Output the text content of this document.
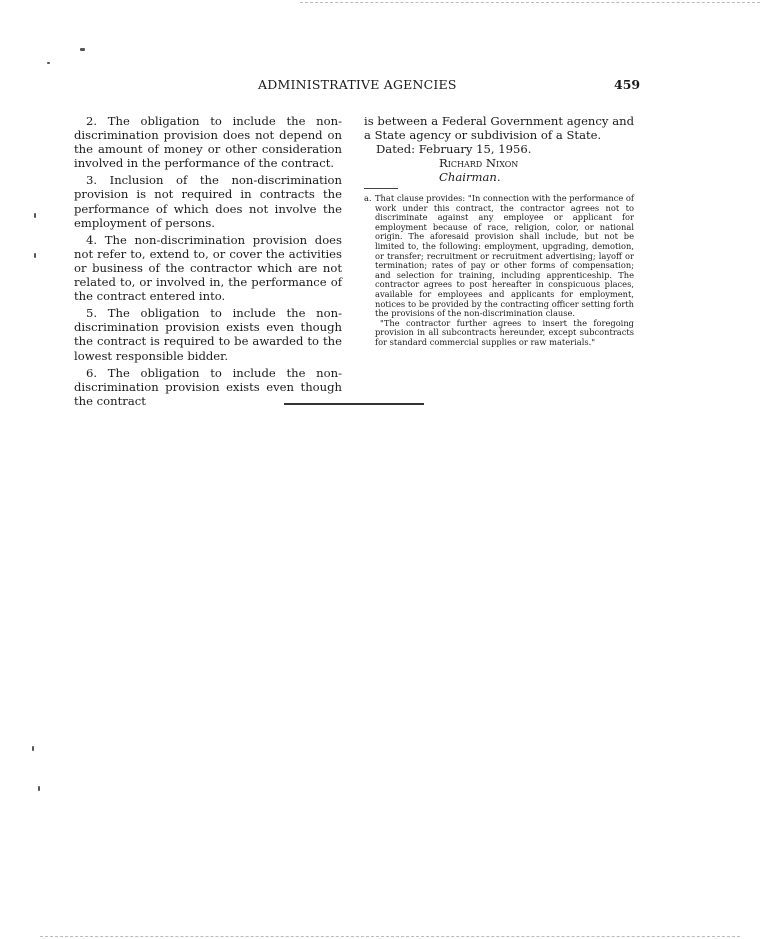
ADMINISTRATIVE AGENCIES	459

2. The obligation to include the non-discrimination provision does not depend on the amount of money or other consideration involved in the performance of the contract.

3. Inclusion of the non-discrimination provision is not required in contracts the performance of which does not involve the employment of persons.

4. The non-discrimination provision does not refer to, extend to, or cover the activities or business of the contractor which are not related to, or involved in, the performance of the contract entered into.

5. The obligation to include the non-discrimination provision exists even though the contract is required to be awarded to the lowest responsible bidder.

6. The obligation to include the non-discrimination provision exists even though the contract

is between a Federal Government agency and a State agency or subdivision of a State.

Dated: February 15, 1956.

Richard Nixon

Chairman.

a. That clause provides: "In connection with the performance of work under this contract, the contractor agrees not to discriminate against any employee or applicant for employment because of race, religion, color, or national origin. The aforesaid provision shall include, but not be limited to, the following: employment, upgrading, demotion, or transfer; recruitment or recruitment advertising; layoff or termination; rates of pay or other forms of compensation; and selection for training, including apprenticeship. The contractor agrees to post hereafter in conspicuous places, available for employees and applicants for employment, notices to be provided by the contracting officer setting forth the provisions of the non-discrimination clause.

"The contractor further agrees to insert the foregoing provision in all subcontracts hereunder, except subcontracts for standard commercial supplies or raw materials."
